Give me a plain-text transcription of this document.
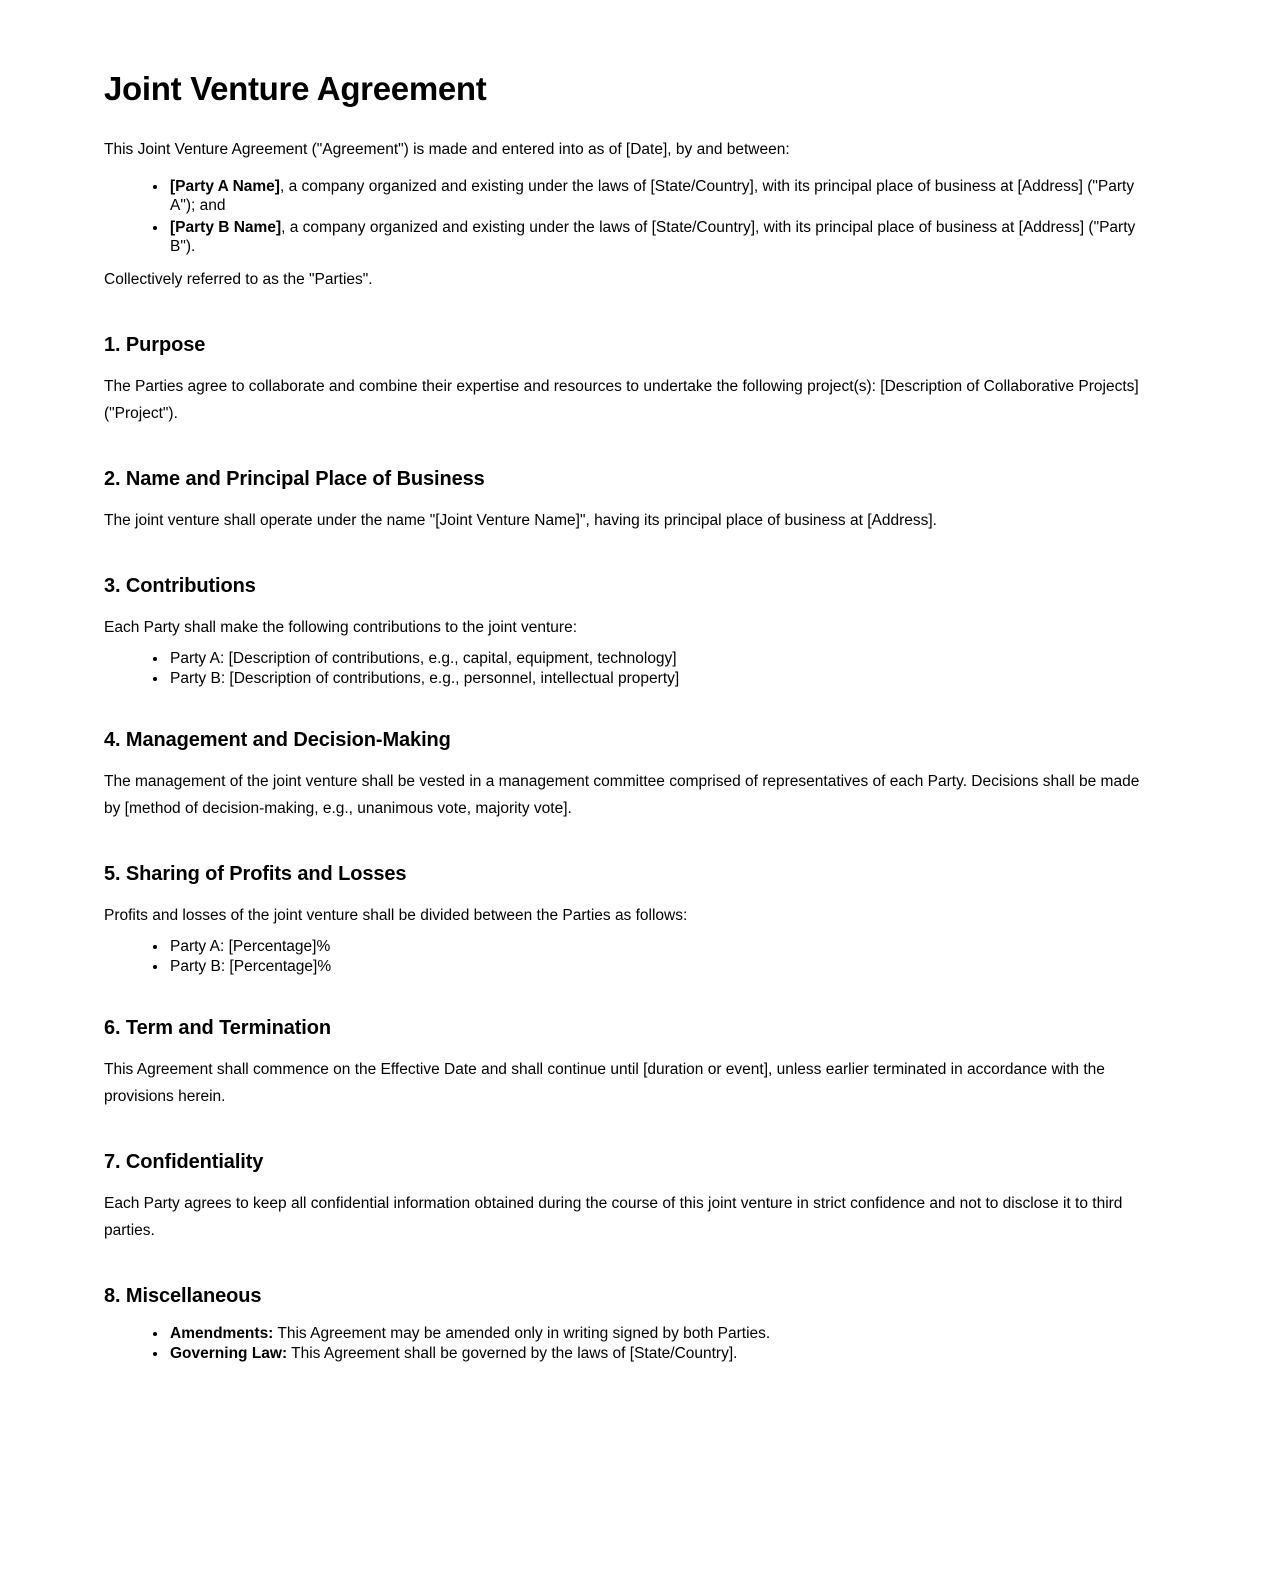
Joint Venture Agreement

This Joint Venture Agreement ("Agreement") is made and entered into as of [Date], by and between:

• [Party A Name], a company organized and existing under the laws of [State/Country], with its principal place of business at [Address] ("Party A"); and
• [Party B Name], a company organized and existing under the laws of [State/Country], with its principal place of business at [Address] ("Party B").

Collectively referred to as the "Parties".

1. Purpose

The Parties agree to collaborate and combine their expertise and resources to undertake the following project(s): [Description of Collaborative Projects] ("Project").

2. Name and Principal Place of Business

The joint venture shall operate under the name "[Joint Venture Name]", having its principal place of business at [Address].

3. Contributions

Each Party shall make the following contributions to the joint venture:

• Party A: [Description of contributions, e.g., capital, equipment, technology]
• Party B: [Description of contributions, e.g., personnel, intellectual property]
4. Management and Decision-Making

The management of the joint venture shall be vested in a management committee comprised of representatives of each Party. Decisions shall be made by [method of decision-making, e.g., unanimous vote, majority vote].

5. Sharing of Profits and Losses

Profits and losses of the joint venture shall be divided between the Parties as follows:

• Party A: [Percentage]%
• Party B: [Percentage]%
6. Term and Termination

This Agreement shall commence on the Effective Date and shall continue until [duration or event], unless earlier terminated in accordance with the provisions herein.

7. Confidentiality

Each Party agrees to keep all confidential information obtained during the course of this joint venture in strict confidence and not to disclose it to third parties.

8. Miscellaneous
• Amendments: This Agreement may be amended only in writing signed by both Parties.
• Governing Law: This Agreement shall be governed by the laws of [State/Country].
